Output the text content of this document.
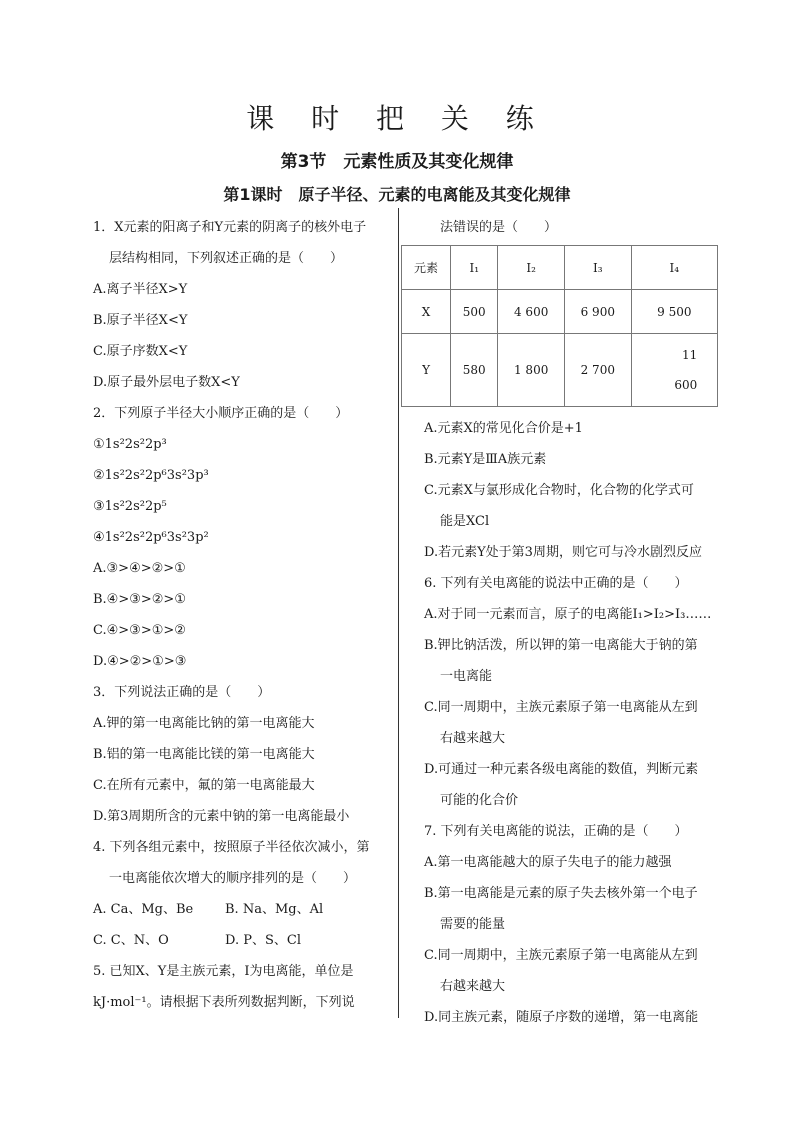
课 时 把 关 练
第3节　元素性质及其变化规律
第1课时　原子半径、元素的电离能及其变化规律
1．X元素的阳离子和Y元素的阴离子的核外电子
层结构相同，下列叙述正确的是（　　）
A.离子半径X>Y
B.原子半径X<Y
C.原子序数X<Y
D.原子最外层电子数X<Y
2．下列原子半径大小顺序正确的是（　　）
①1s²2s²2p³
②1s²2s²2p⁶3s²3p³
③1s²2s²2p⁵
④1s²2s²2p⁶3s²3p²
A.③>④>②>①
B.④>③>②>①
C.④>③>①>②
D.④>②>①>③
3．下列说法正确的是（　　）
A.钾的第一电离能比钠的第一电离能大
B.铝的第一电离能比镁的第一电离能大
C.在所有元素中，氟的第一电离能最大
D.第3周期所含的元素中钠的第一电离能最小
4. 下列各组元素中，按照原子半径依次减小，第
一电离能依次增大的顺序排列的是（　　）
A. Ca、Mg、Be	B. Na、Mg、Al
C. C、N、O	D. P、S、Cl
5. 已知X、Y是主族元素，I为电离能，单位是
kJ·mol⁻¹。请根据下表所列数据判断，下列说
法错误的是（　　）
元素	I₁	I₂	I₃	I₄
X	500	4 600	6 900	9 500
Y	580	1 800	2 700	11
600
A.元素X的常见化合价是+1
B.元素Y是ⅢA族元素
C.元素X与氯形成化合物时，化合物的化学式可
能是XCl
D.若元素Y处于第3周期，则它可与冷水剧烈反应
6. 下列有关电离能的说法中正确的是（　　）
A.对于同一元素而言，原子的电离能I₁>I₂>I₃……
B.钾比钠活泼，所以钾的第一电离能大于钠的第
一电离能
C.同一周期中，主族元素原子第一电离能从左到
右越来越大
D.可通过一种元素各级电离能的数值，判断元素
可能的化合价
7. 下列有关电离能的说法，正确的是（　　）
A.第一电离能越大的原子失电子的能力越强
B.第一电离能是元素的原子失去核外第一个电子
需要的能量
C.同一周期中，主族元素原子第一电离能从左到
右越来越大
D.同主族元素，随原子序数的递增，第一电离能
